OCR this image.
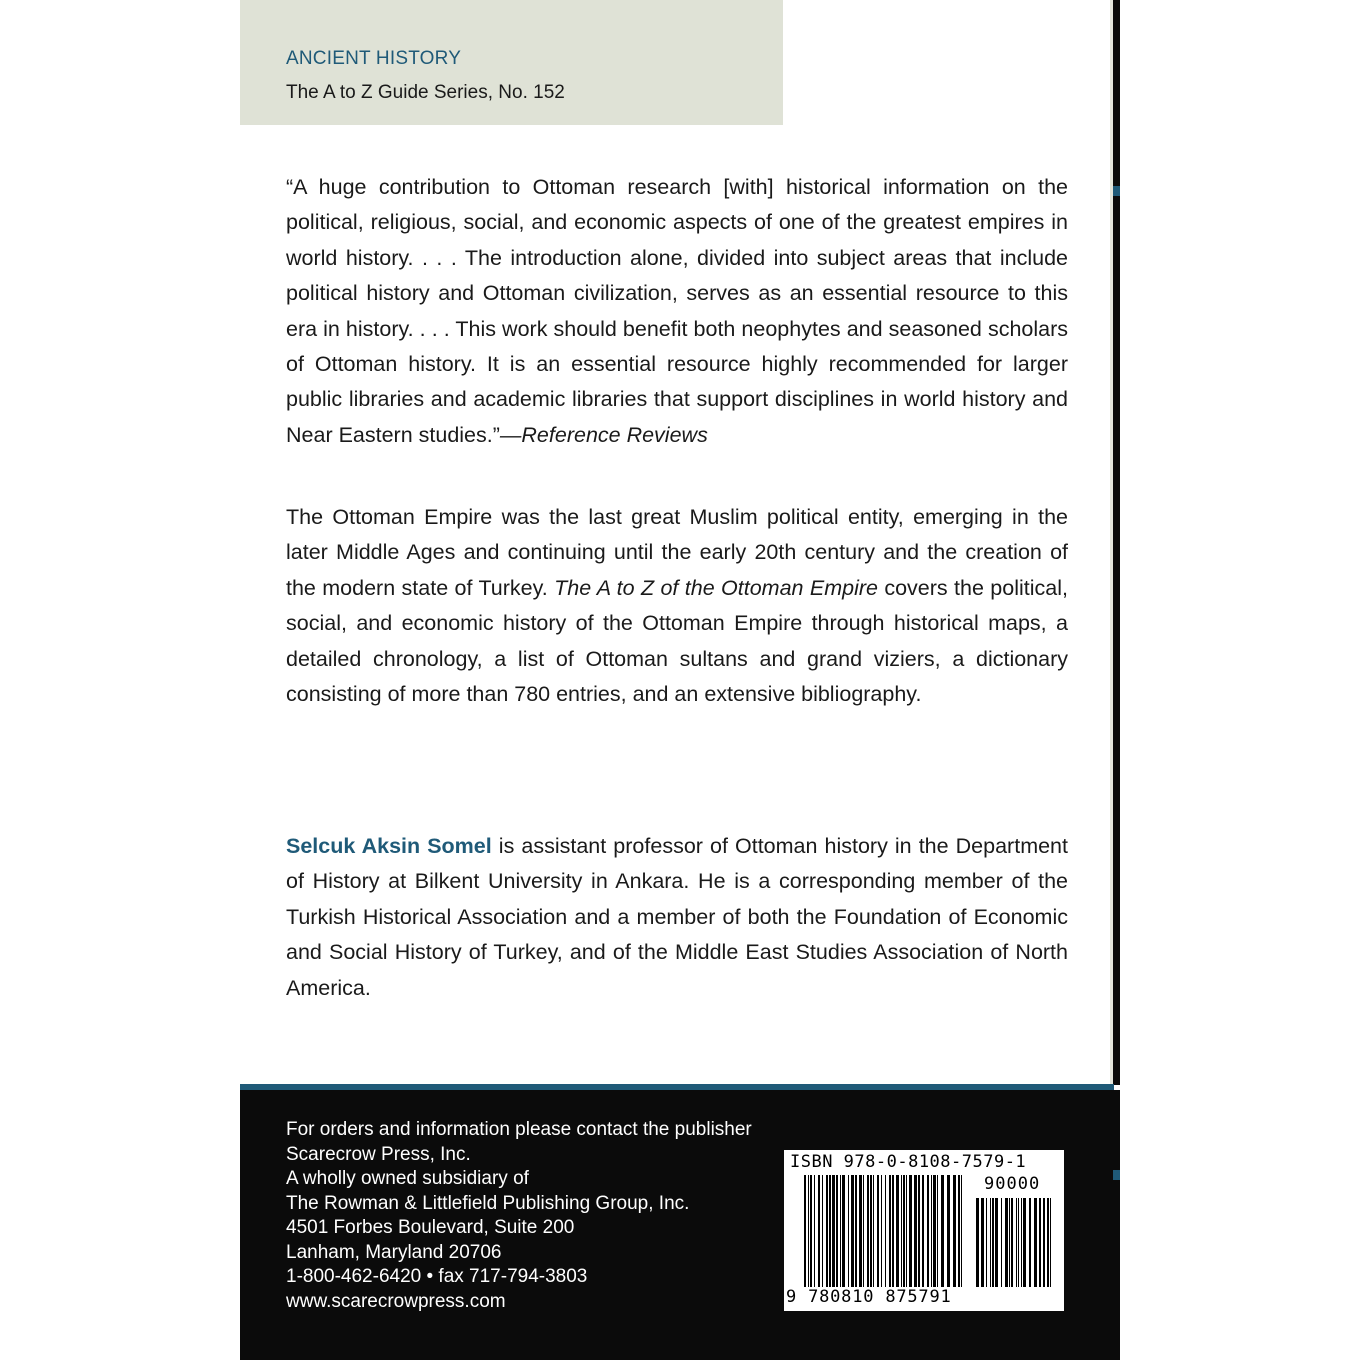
ANCIENT HISTORY
The A to Z Guide Series, No. 152
“A huge contribution to Ottoman research [with] historical information on the political, religious, social, and economic aspects of one of the greatest empires in world history. . . . The introduction alone, divided into subject areas that include political history and Ottoman civilization, serves as an essential resource to this era in history. . . . This work should benefit both neophytes and seasoned scholars of Ottoman history. It is an essential resource highly recommended for larger public libraries and academic libraries that support disciplines in world history and Near Eastern studies.”—Reference Reviews
The Ottoman Empire was the last great Muslim political entity, emerging in the later Middle Ages and continuing until the early 20th century and the creation of the modern state of Turkey. The A to Z of the Ottoman Empire covers the political, social, and economic history of the Ottoman Empire through historical maps, a detailed chronology, a list of Ottoman sultans and grand viziers, a dictionary consisting of more than 780 entries, and an extensive bibliography.
Selcuk Aksin Somel is assistant professor of Ottoman history in the Department of History at Bilkent University in Ankara. He is a corresponding member of the Turkish Historical Association and a member of both the Foundation of Economic and Social History of Turkey, and of the Middle East Studies Association of North America.
For orders and information please contact the publisher
Scarecrow Press, Inc.
A wholly owned subsidiary of
The Rowman & Littlefield Publishing Group, Inc.
4501 Forbes Boulevard, Suite 200
Lanham, Maryland 20706
1-800-462-6420 • fax 717-794-3803
www.scarecrowpress.com
ISBN 978-0-8108-7579-1
90000
9 780810 875791
